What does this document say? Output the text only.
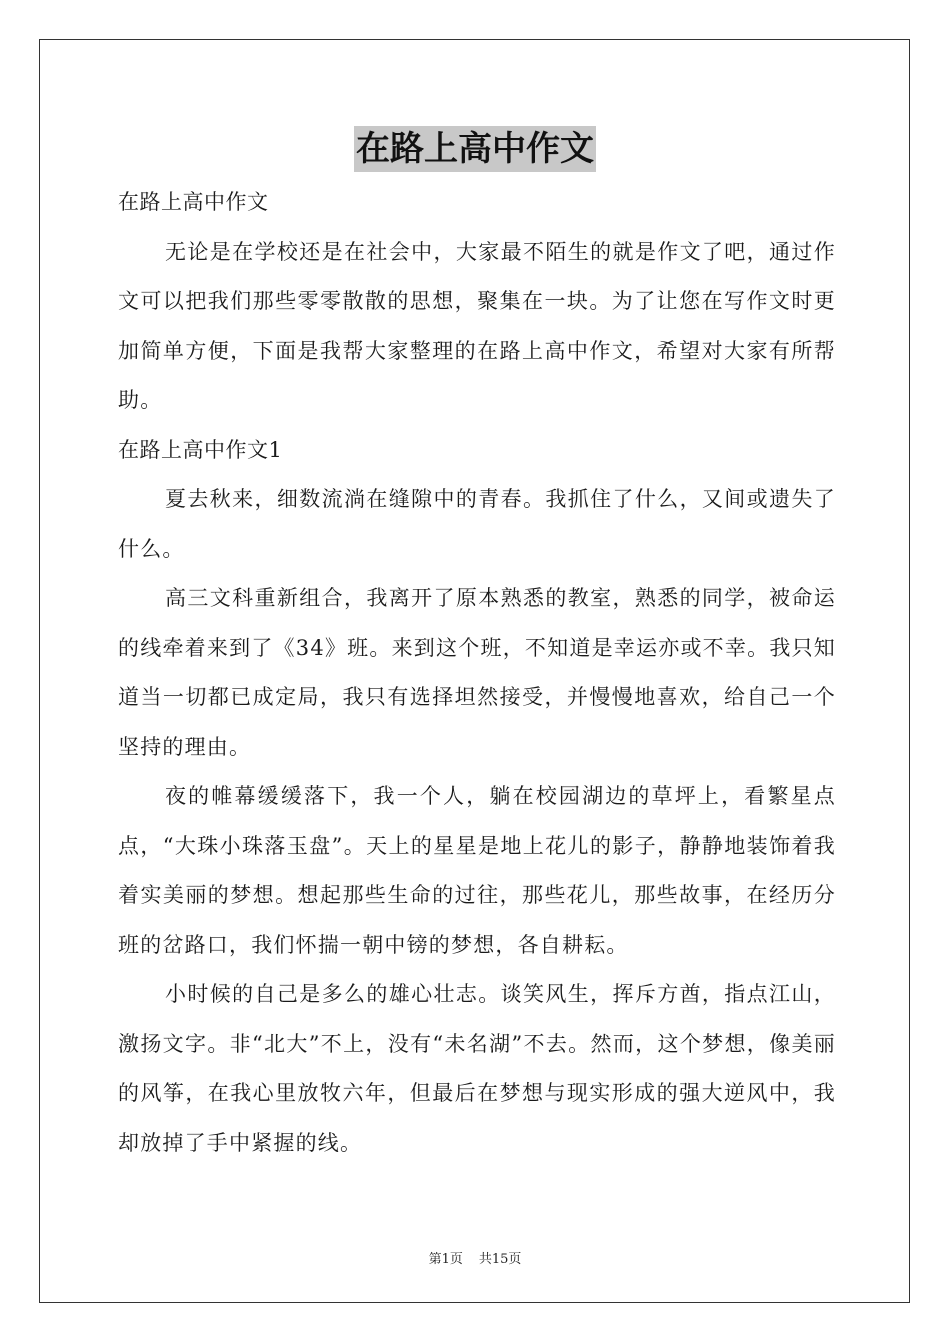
在路上高中作文

在路上高中作文

无论是在学校还是在社会中，大家最不陌生的就是作文了吧，通过作文可以把我们那些零零散散的思想，聚集在一块。为了让您在写作文时更加简单方便，下面是我帮大家整理的在路上高中作文，希望对大家有所帮助。

在路上高中作文1

夏去秋来，细数流淌在缝隙中的青春。我抓住了什么，又间或遗失了什么。

高三文科重新组合，我离开了原本熟悉的教室，熟悉的同学，被命运的线牵着来到了《34》班。来到这个班，不知道是幸运亦或不幸。我只知道当一切都已成定局，我只有选择坦然接受，并慢慢地喜欢，给自己一个坚持的理由。

夜的帷幕缓缓落下，我一个人，躺在校园湖边的草坪上，看繁星点点，“大珠小珠落玉盘”。天上的星星是地上花儿的影子，静静地装饰着我着实美丽的梦想。想起那些生命的过往，那些花儿，那些故事，在经历分班的岔路口，我们怀揣一朝中镑的梦想，各自耕耘。

小时候的自己是多么的雄心壮志。谈笑风生，挥斥方酋，指点江山，激扬文字。非“北大”不上，没有“未名湖”不去。然而，这个梦想，像美丽的风筝，在我心里放牧六年，但最后在梦想与现实形成的强大逆风中，我却放掉了手中紧握的线。

第1页 共15页
